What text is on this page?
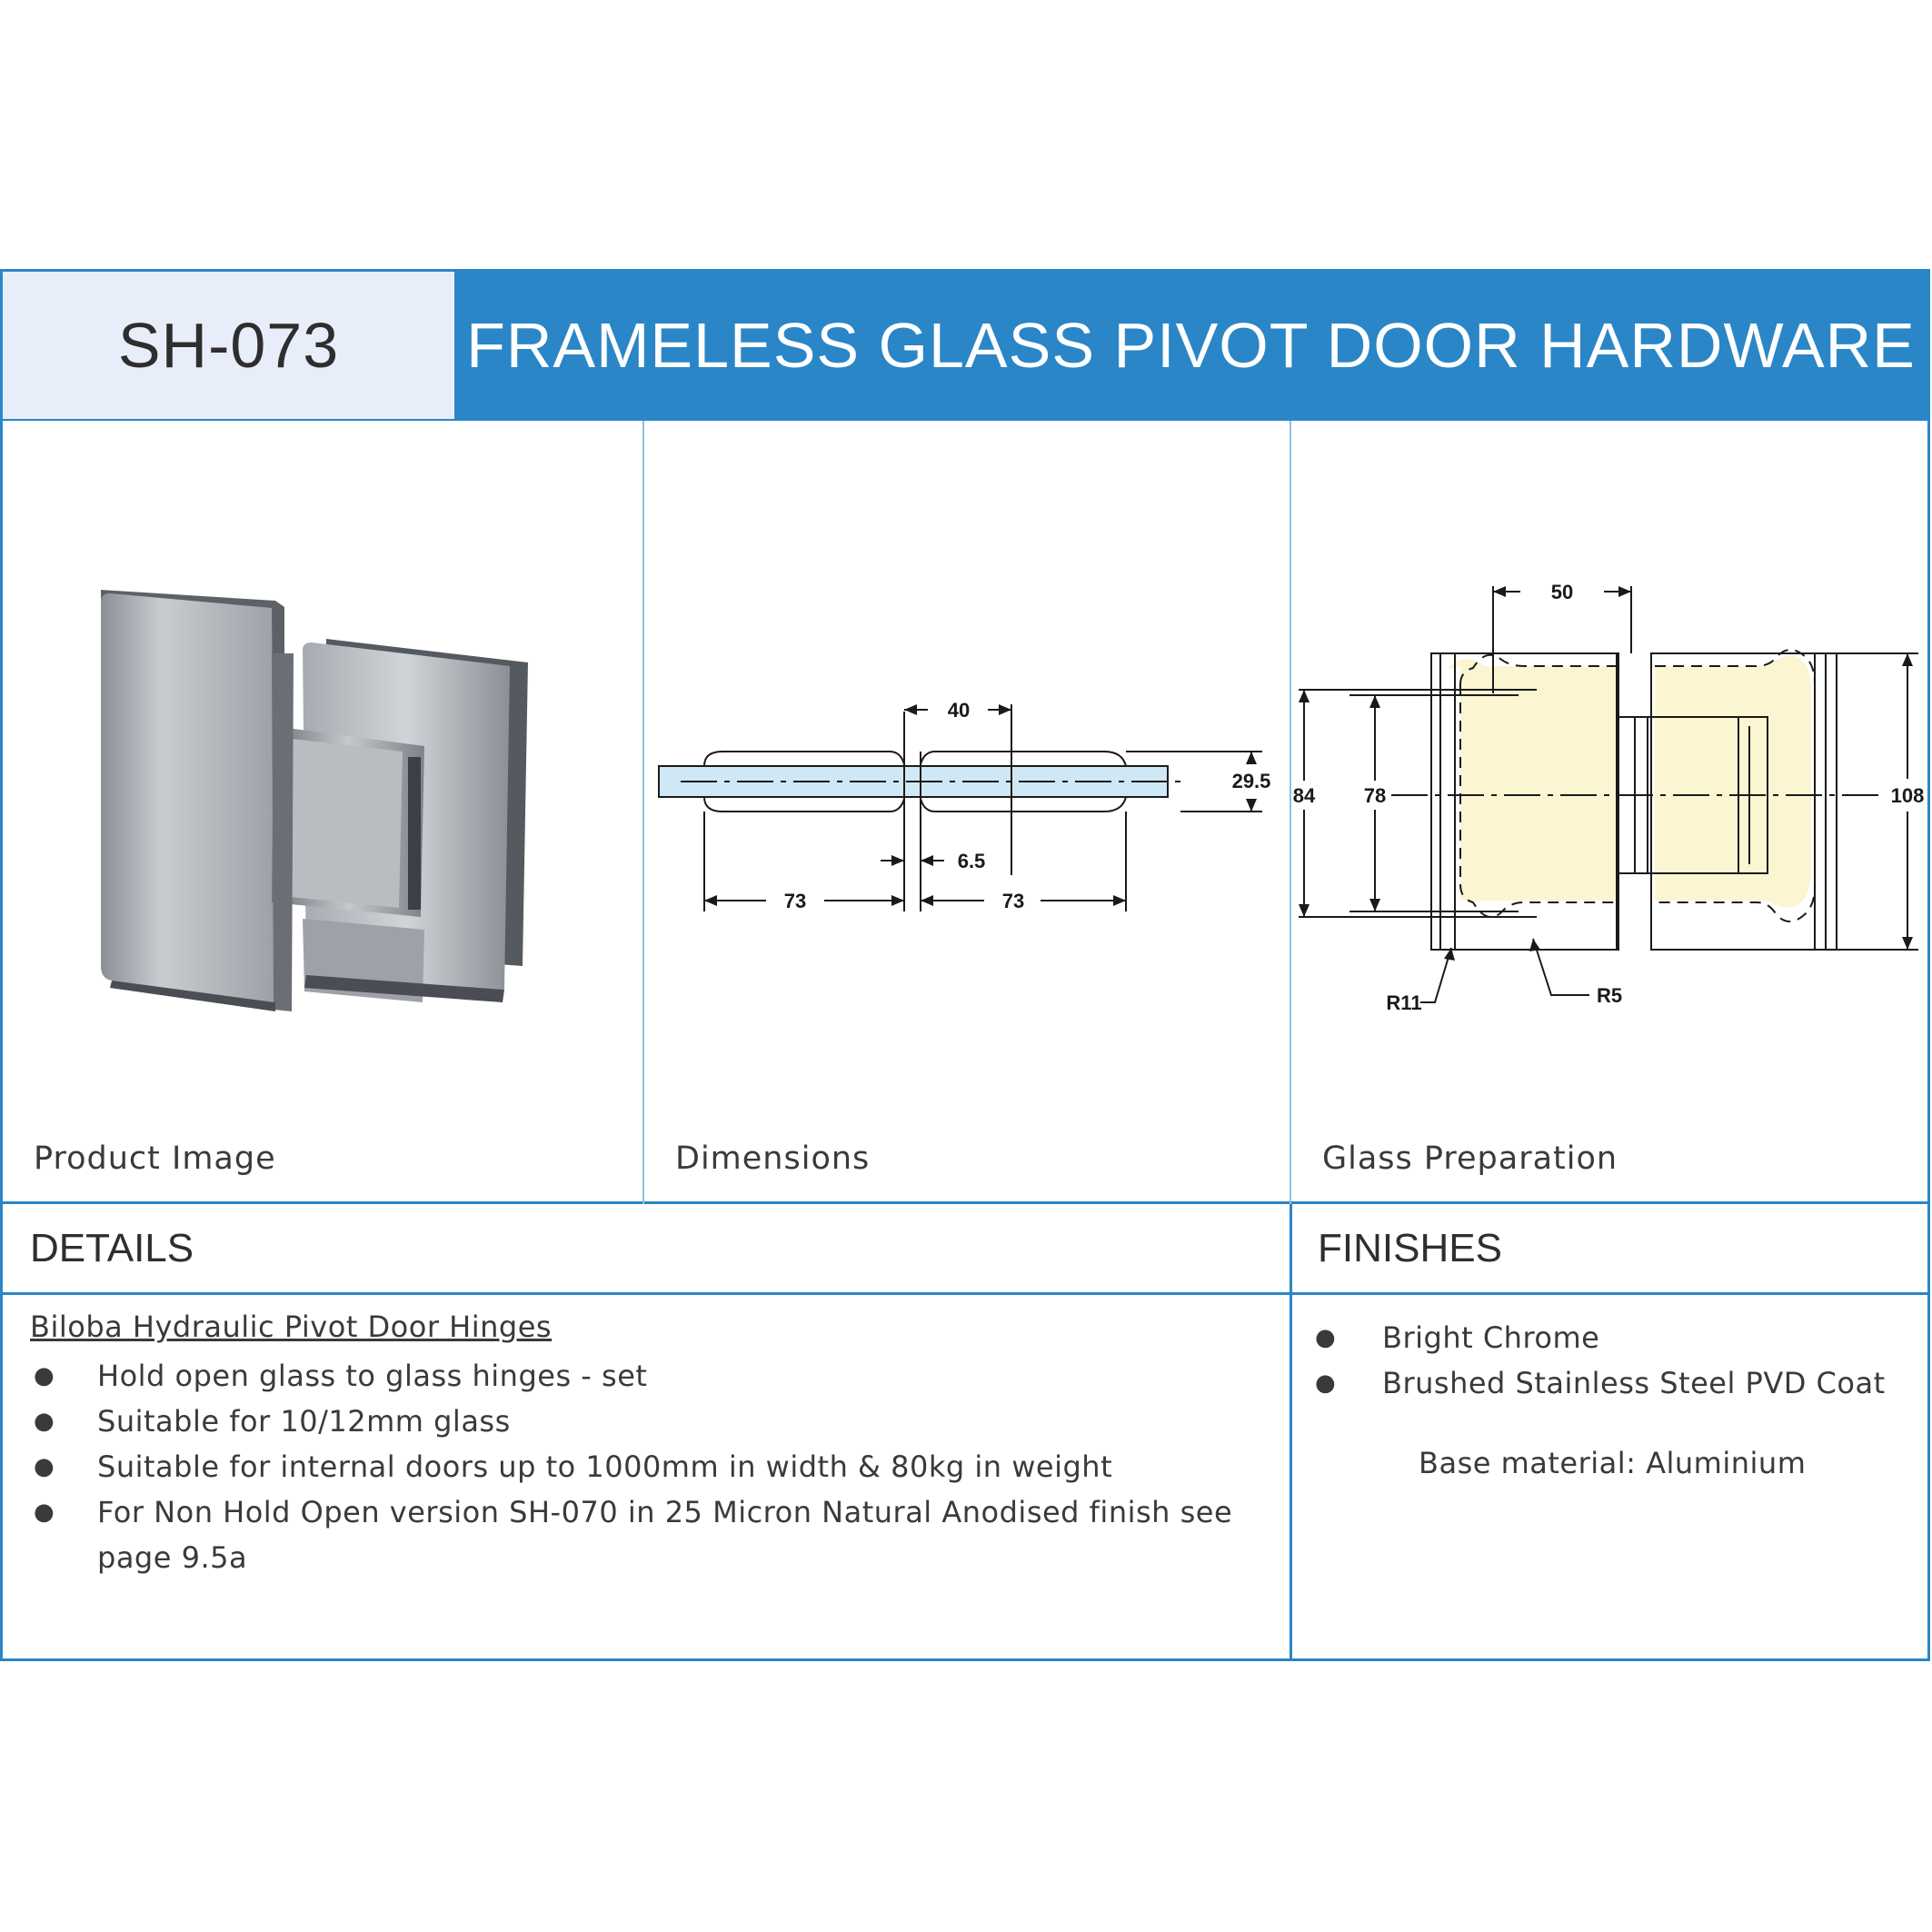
SH-073	FRAMELESS GLASS PIVOT DOOR HARDWARE
Product Image
40
29.5
6.5
73	73
Dimensions
50
84 78	108
R11	R5
Glass Preparation
DETAILS	FINISHES
Biloba Hydraulic Pivot Door Hinges
● Hold open glass to glass hinges - set
● Suitable for 10/12mm glass
● Suitable for internal doors up to 1000mm in width & 80kg in weight
● For Non Hold Open version SH-070 in 25 Micron Natural Anodised finish see page 9.5a
● Bright Chrome
● Brushed Stainless Steel PVD Coat
Base material: Aluminium
